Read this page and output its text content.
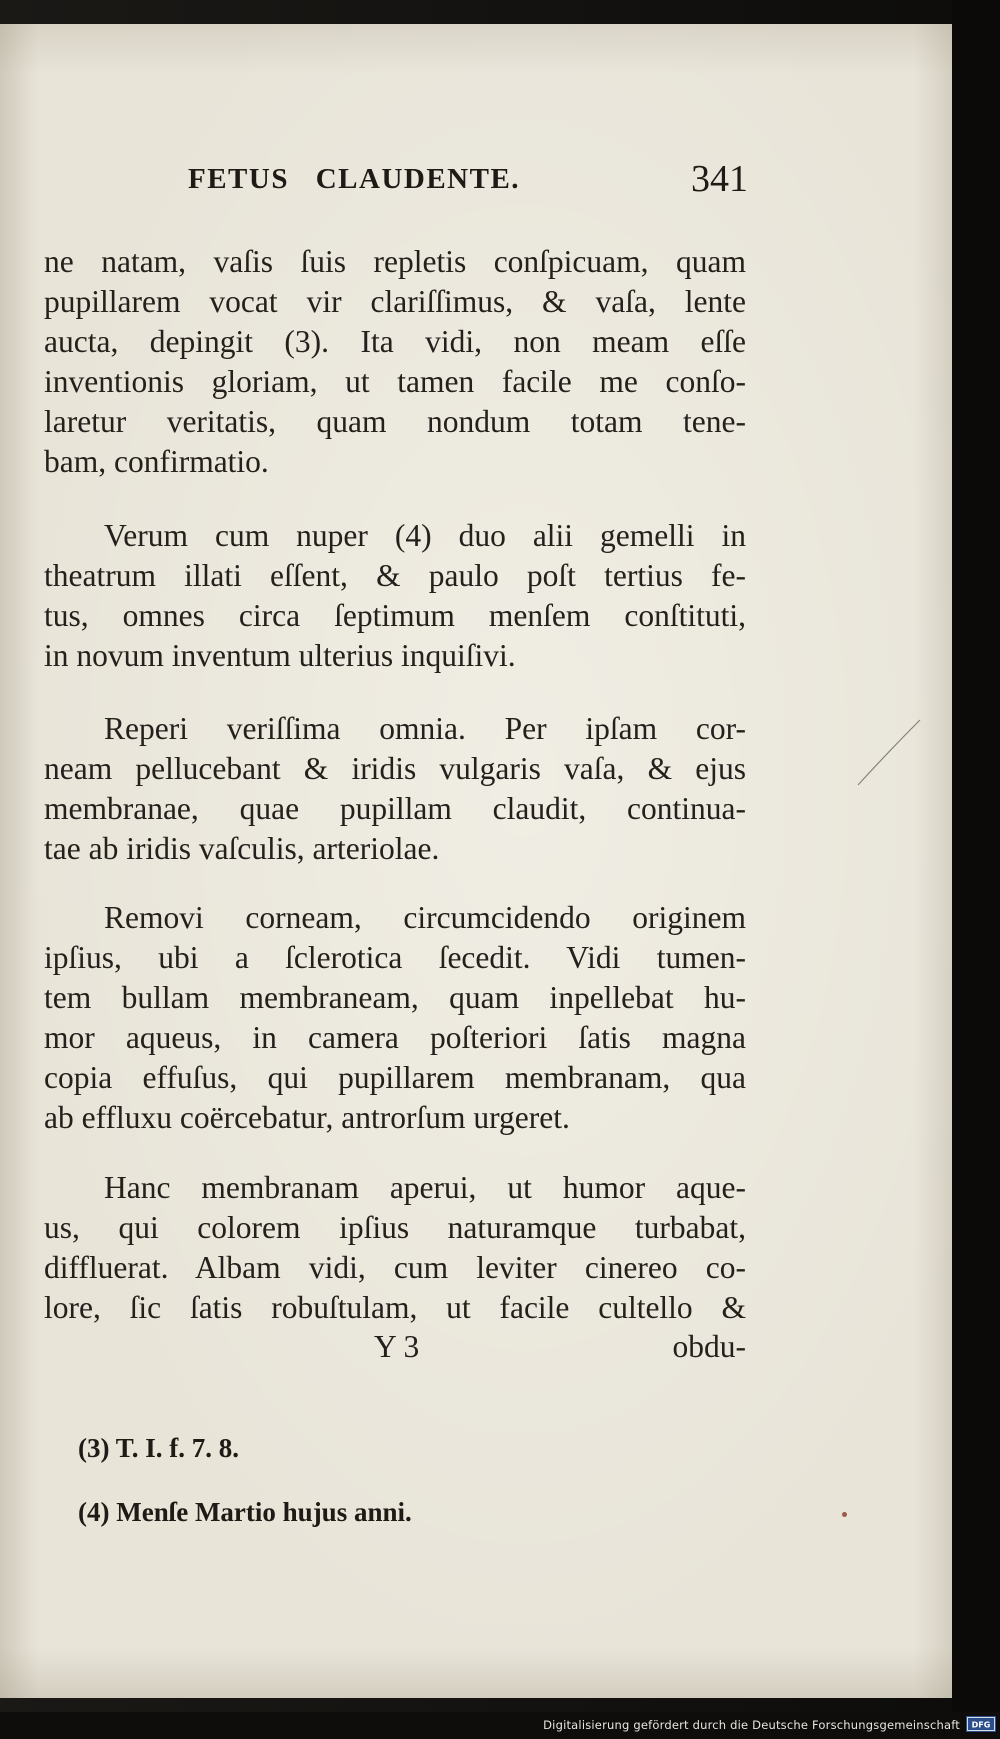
FETUS CLAUDENTE.	341
ne natam, vaſis ſuis repletis conſpicuam, quam
pupillarem vocat vir clariſſimus, & vaſa, lente
aucta, depingit (3). Ita vidi, non meam eſſe
inventionis gloriam, ut tamen facile me conſo-
laretur veritatis, quam nondum totam tene-
bam, confirmatio.
Verum cum nuper (4) duo alii gemelli in
theatrum illati eſſent, & paulo poſt tertius fe-
tus, omnes circa ſeptimum menſem conſtituti,
in novum inventum ulterius inquiſivi.
Reperi veriſſima omnia. Per ipſam cor-
neam pellucebant & iridis vulgaris vaſa, & ejus
membranae, quae pupillam claudit, continua-
tae ab iridis vaſculis, arteriolae.
Removi corneam, circumcidendo originem
ipſius, ubi a ſclerotica ſecedit. Vidi tumen-
tem bullam membraneam, quam inpellebat hu-
mor aqueus, in camera poſteriori ſatis magna
copia effuſus, qui pupillarem membranam, qua
ab effluxu coërcebatur, antrorſum urgeret.
Hanc membranam aperui, ut humor aque-
us, qui colorem ipſius naturamque turbabat,
diffluerat. Albam vidi, cum leviter cinereo co-
lore, ſic ſatis robuſtulam, ut facile cultello &
Y 3	obdu-
(3) T. I. f. 7. 8.
(4) Menſe Martio hujus anni.
Digitalisierung gefördert durch die Deutsche Forschungsgemeinschaft DFG
